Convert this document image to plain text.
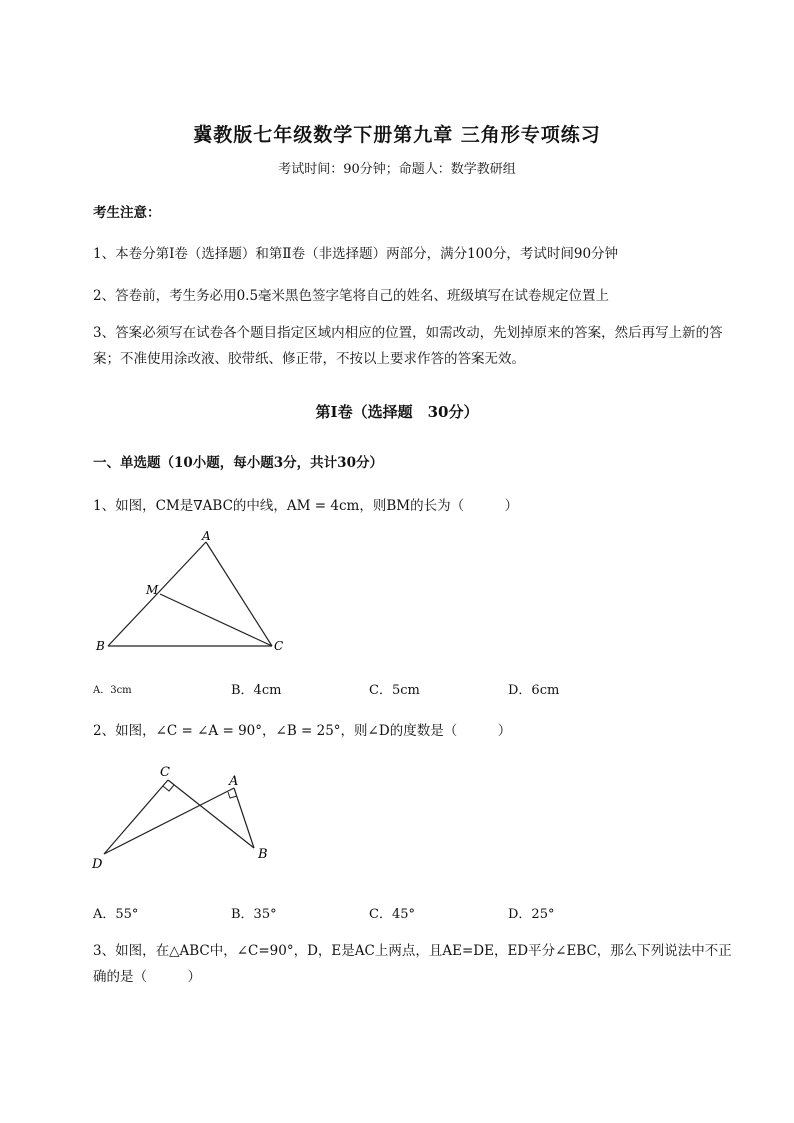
冀教版七年级数学下册第九章 三角形专项练习
考试时间：90分钟；命题人：数学教研组
考生注意：
1、本卷分第I卷（选择题）和第Ⅱ卷（非选择题）两部分，满分100分，考试时间90分钟
2、答卷前，考生务必用0.5毫米黑色签字笔将自己的姓名、班级填写在试卷规定位置上
3、答案必须写在试卷各个题目指定区域内相应的位置，如需改动，先划掉原来的答案，然后再写上新的答案；不准使用涂改液、胶带纸、修正带，不按以上要求作答的答案无效。
第I卷（选择题　30分）
一、单选题（10小题，每小题3分，共计30分）
1、如图，CM是∇ABC的中线，AM = 4cm，则BM的长为（　　　）
A
M
B	C
A．3cm	B．4cm	C．5cm	D．6cm
2、如图，∠C = ∠A = 90°，∠B = 25°，则∠D的度数是（　　　）
C
A
D
B
A．55°	B．35°	C．45°	D．25°
3、如图，在△ABC中，∠C=90°，D，E是AC上两点，且AE=DE，ED平分∠EBC，那么下列说法中不正确的是（　　　）
